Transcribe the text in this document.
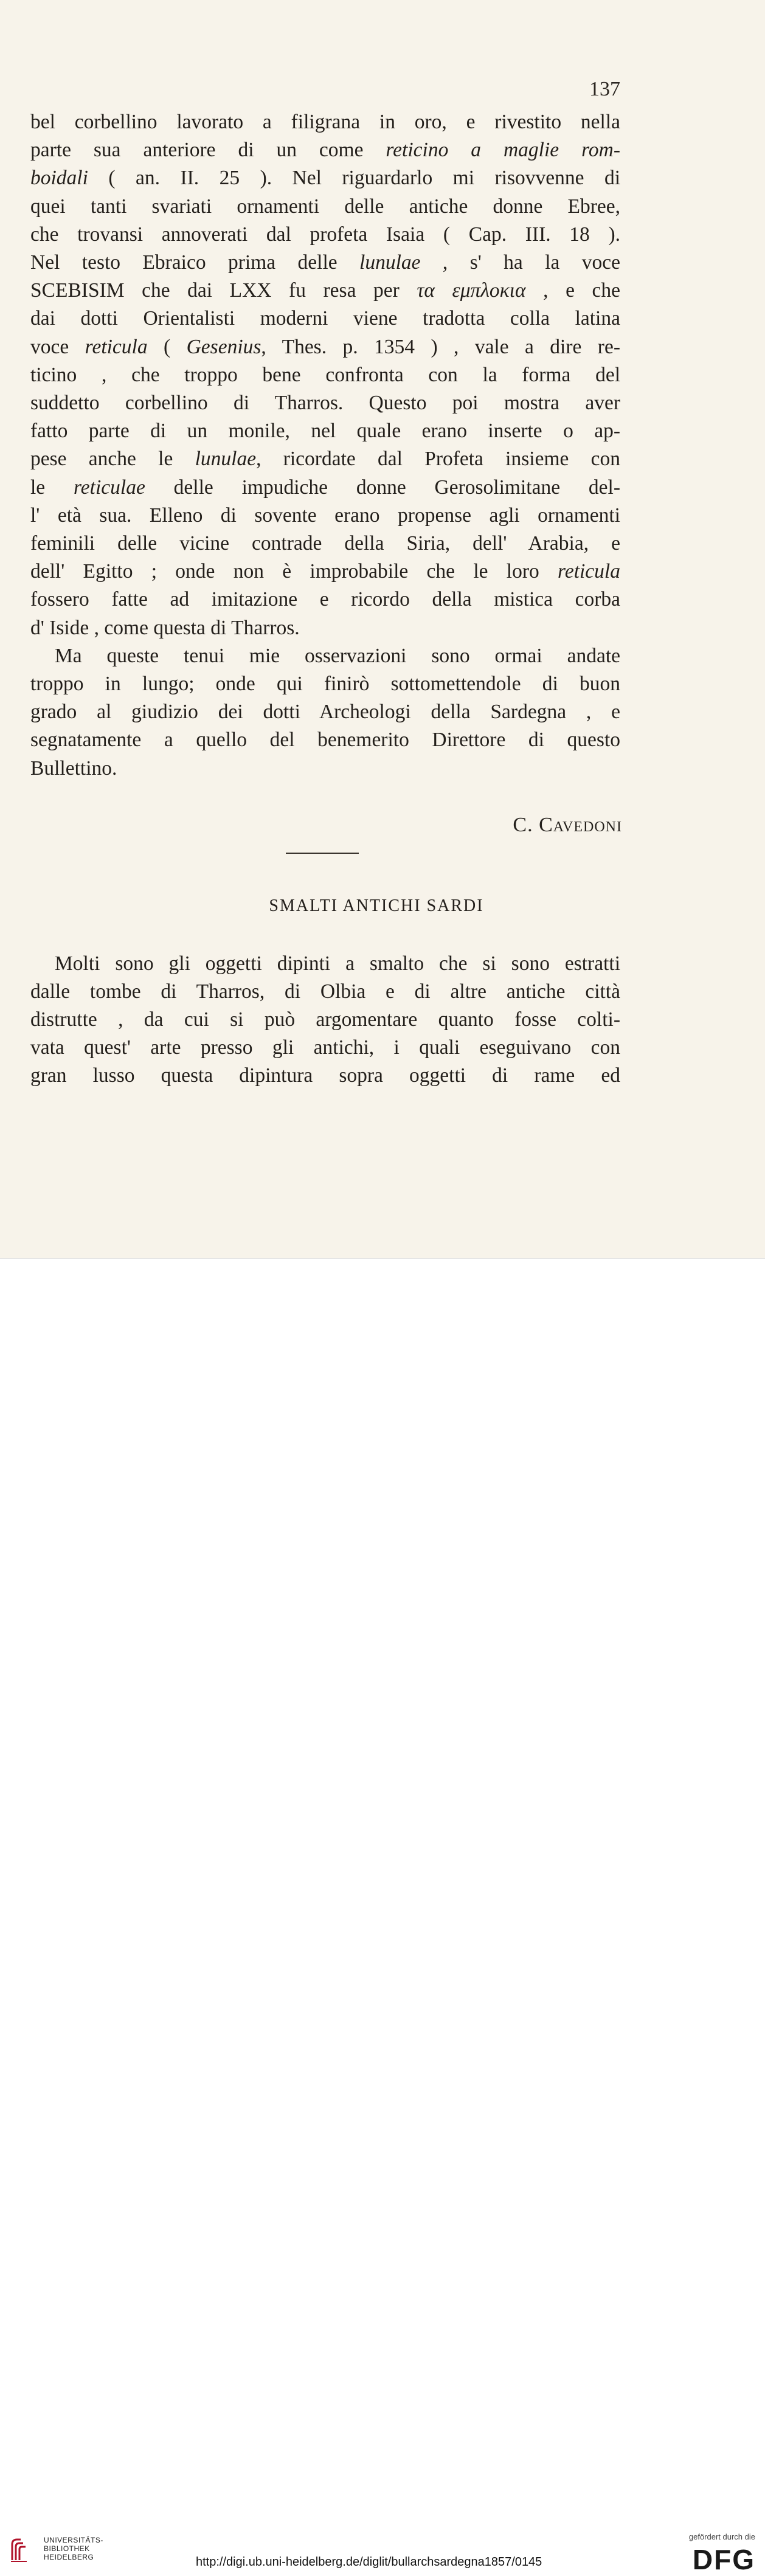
137
bel corbellino lavorato a filigrana in oro, e rivestito nella
parte sua anteriore di un come reticino a maglie rom-
boidali ( an. II. 25 ). Nel riguardarlo mi risovvenne di
quei tanti svariati ornamenti delle antiche donne Ebree,
che trovansi annoverati dal profeta Isaia ( Cap. III. 18 ).
Nel testo Ebraico prima delle lunulae , s' ha la voce
SCEBISIM che dai LXX fu resa per τα εμπλοκια , e che
dai dotti Orientalisti moderni viene tradotta colla latina
voce reticula ( Gesenius, Thes. p. 1354 ) , vale a dire re-
ticino , che troppo bene confronta con la forma del
suddetto corbellino di Tharros. Questo poi mostra aver
fatto parte di un monile, nel quale erano inserte o ap-
pese anche le lunulae, ricordate dal Profeta insieme con
le reticulae delle impudiche donne Gerosolimitane del-
l' età sua. Elleno di sovente erano propense agli ornamenti
feminili delle vicine contrade della Siria, dell' Arabia, e
dell' Egitto ; onde non è improbabile che le loro reticula
fossero fatte ad imitazione e ricordo della mistica corba
d' Iside , come questa di Tharros.
Ma queste tenui mie osservazioni sono ormai andate
troppo in lungo; onde qui finirò sottomettendole di buon
grado al giudizio dei dotti Archeologi della Sardegna , e
segnatamente a quello del benemerito Direttore di questo
Bullettino.
C. Cavedoni
SMALTI ANTICHI SARDI
Molti sono gli oggetti dipinti a smalto che si sono estratti
dalle tombe di Tharros, di Olbia e di altre antiche città
distrutte , da cui si può argomentare quanto fosse colti-
vata quest' arte presso gli antichi, i quali eseguivano con
gran lusso questa dipintura sopra oggetti di rame ed
UNIVERSITÄTS-
BIBLIOTHEK
HEIDELBERG	http://digi.ub.uni-heidelberg.de/diglit/bullarchsardegna1857/0145
gefördert durch die
DFG
